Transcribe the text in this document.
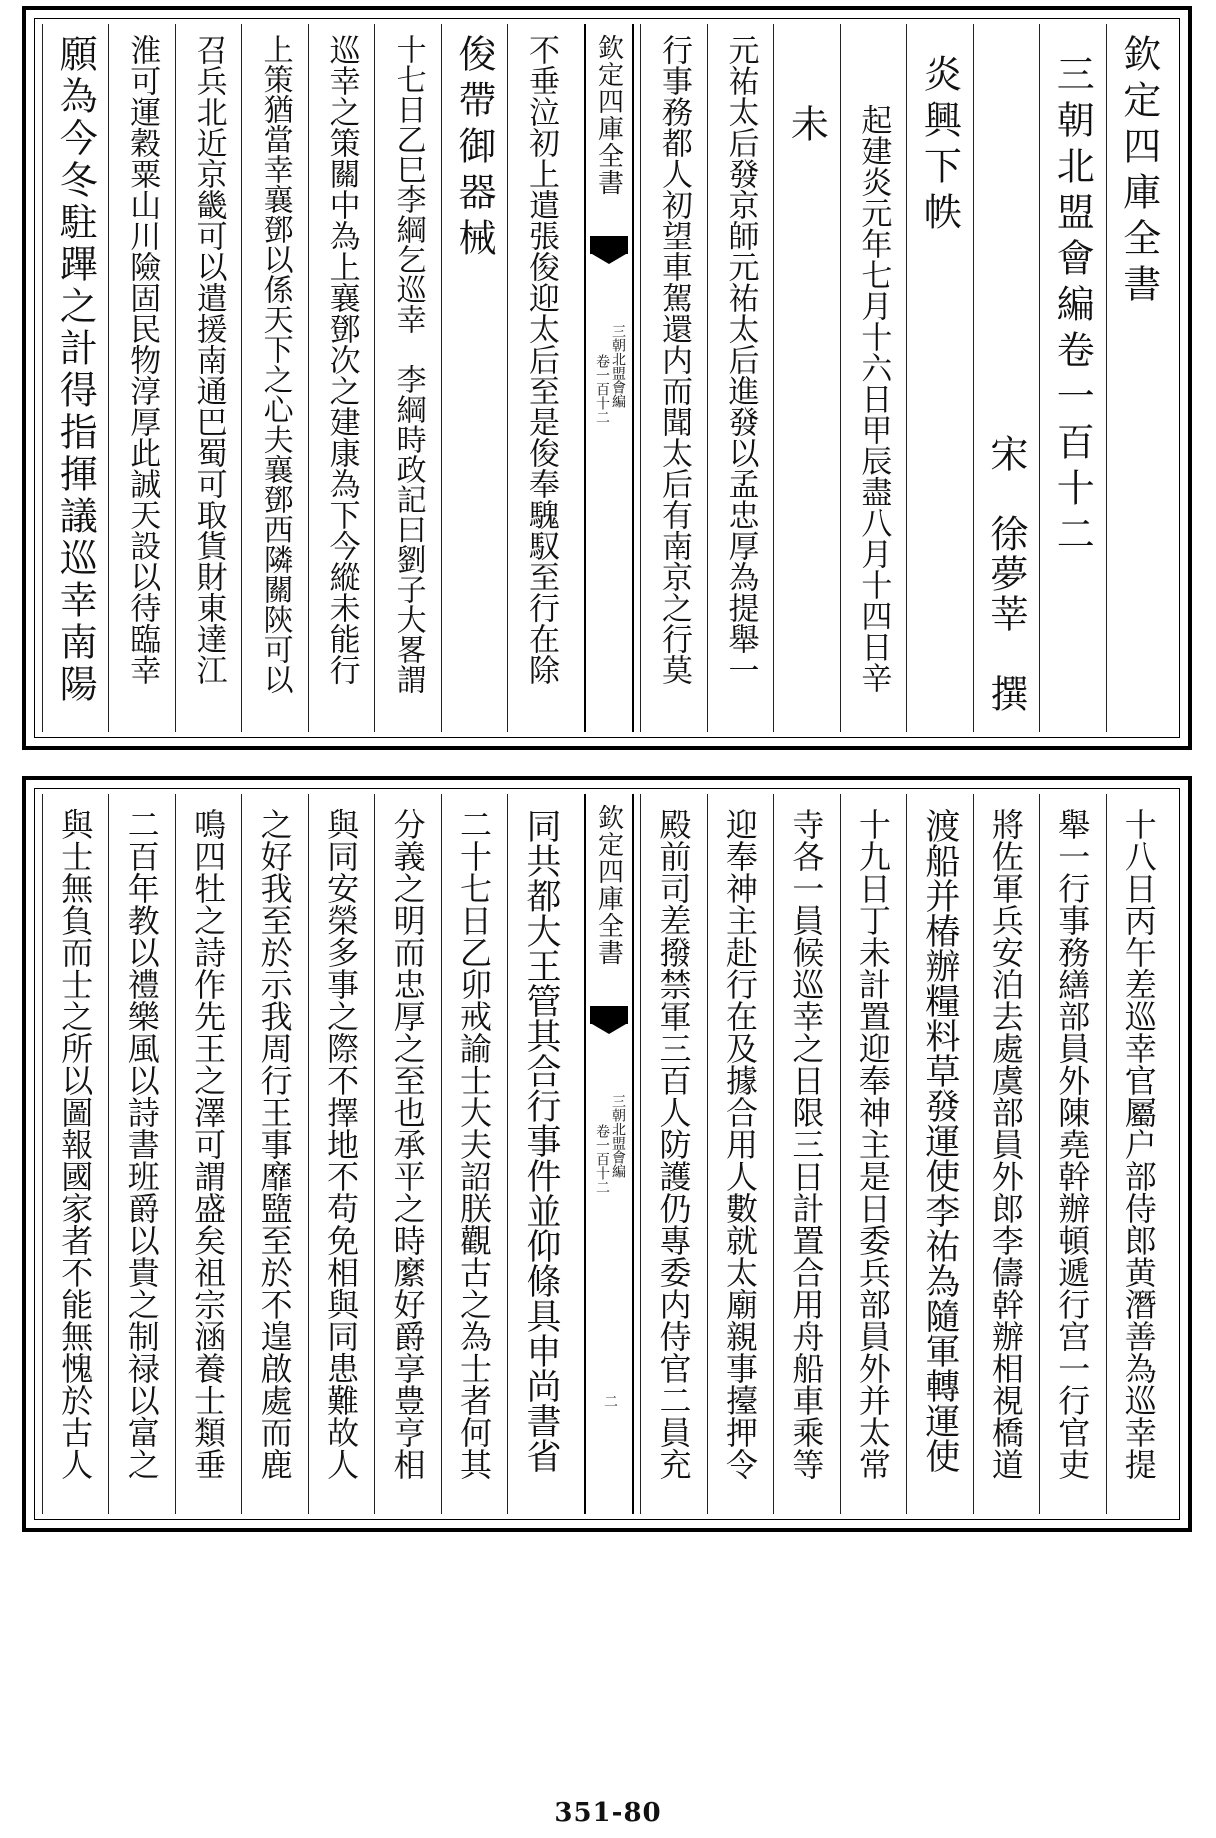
欽定四庫全書
三朝北盟會編卷一百十二
宋　徐夢莘　撰
炎興下帙
起建炎元年七月十六日甲辰盡八月十四日辛
未
元祐太后發京師元祐太后進發以孟忠厚為提舉一
行事務都人初望車駕還内而聞太后有南京之行莫
欽定四庫全書
三朝北盟會編
卷一百十二
不垂泣初上遣張俊迎太后至是俊奉騩馭至行在除
俊帶御器械
十七日乙巳李綱乞巡幸　李綱時政記曰劉子大畧謂
巡幸之策關中為上襄鄧次之建康為下今縱未能行
上策猶當幸襄鄧以係天下之心夫襄鄧西隣關陝可以
召兵北近京畿可以遣援南通巴蜀可取貨財東達江
淮可運穀粟山川險固民物淳厚此誠天設以待臨幸
願為今冬駐蹕之計得指揮議巡幸南陽
十八日丙午差巡幸官屬户部侍郎黄潛善為巡幸提
舉一行事務繕部員外陳堯幹辦頓遞行宫一行官吏
將佐軍兵安泊去處虞部員外郎李儔幹辦相視橋道
渡船并椿辦糧料草發運使李祐為隨軍轉運使
十九日丁未計置迎奉神主是日委兵部員外并太常
寺各一員候巡幸之日限三日計置合用舟船車乘等
迎奉神主赴行在及據合用人數就太廟親事擡押令
殿前司差撥禁軍三百人防護仍專委内侍官二員充
欽定四庫全書
三朝北盟會編
卷一百十二
二
同共都大王管其合行事件並仰條具申尚書省
二十七日乙卯戒諭士大夫詔朕觀古之為士者何其
分義之明而忠厚之至也承平之時縻好爵享豊亨相
與同安榮多事之際不擇地不苟免相與同患難故人
之好我至於示我周行王事靡盬至於不遑啟處而鹿
鳴四牡之詩作先王之澤可謂盛矣祖宗涵養士類垂
二百年教以禮樂風以詩書班爵以貴之制禄以富之
與士無負而士之所以圖報國家者不能無愧於古人
351-80
